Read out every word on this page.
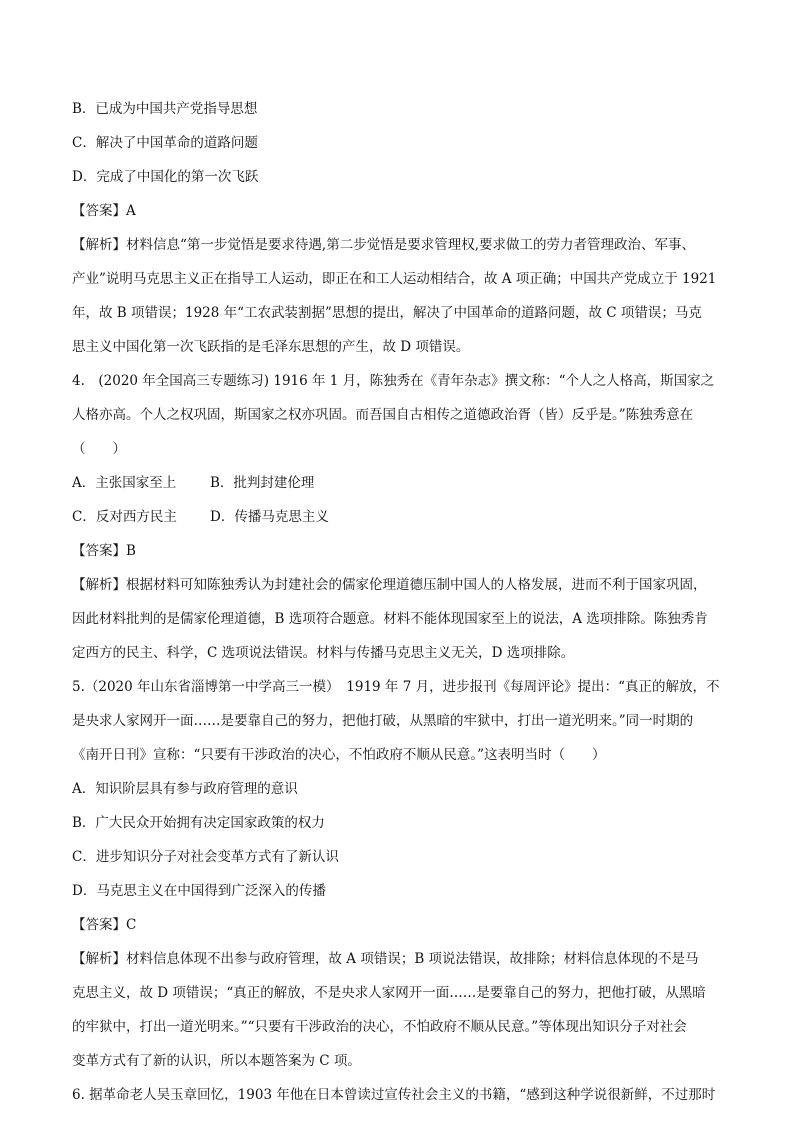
B．已成为中国共产党指导思想
C．解决了中国革命的道路问题
D．完成了中国化的第一次飞跃
【答案】A
【解析】材料信息“第一步觉悟是要求待遇,第二步觉悟是要求管理权,要求做工的劳力者管理政治、军事、
产业”说明马克思主义正在指导工人运动，即正在和工人运动相结合，故 A 项正确；中国共产党成立于 1921
年，故 B 项错误；1928 年“工农武装割据”思想的提出，解决了中国革命的道路问题，故 C 项错误；马克
思主义中国化第一次飞跃指的是毛泽东思想的产生，故 D 项错误。
4.　(2020 年全国高三专题练习) 1916 年 1 月，陈独秀在《青年杂志》撰文称：“个人之人格高，斯国家之
人格亦高。个人之权巩固，斯国家之权亦巩固。而吾国自古相传之道德政治胥（皆）反乎是。”陈独秀意在
（　　）
A．主张国家至上	B．批判封建伦理
C．反对西方民主 D．传播马克思主义
【答案】B
【解析】根据材料可知陈独秀认为封建社会的儒家伦理道德压制中国人的人格发展，进而不利于国家巩固，
因此材料批判的是儒家伦理道德，B 选项符合题意。材料不能体现国家至上的说法，A 选项排除。陈独秀肯
定西方的民主、科学，C 选项说法错误。材料与传播马克思主义无关，D 选项排除。
5.（2020 年山东省淄博第一中学高三一模）　1919 年 7 月，进步报刊《每周评论》提出：“真正的解放，不
是央求人家网开一面……是要靠自己的努力，把他打破，从黑暗的牢狱中，打出一道光明来。”同一时期的
《南开日刊》宣称：“只要有干涉政治的决心，不怕政府不顺从民意。”这表明当时（　　）
A．知识阶层具有参与政府管理的意识
B．广大民众开始拥有决定国家政策的权力
C．进步知识分子对社会变革方式有了新认识
D．马克思主义在中国得到广泛深入的传播
【答案】C
【解析】材料信息体现不出参与政府管理，故 A 项错误；B 项说法错误，故排除；材料信息体现的不是马
克思主义，故 D 项错误；“真正的解放，不是央求人家网开一面……是要靠自己的努力，把他打破，从黑暗
的牢狱中，打出一道光明来。”“只要有干涉政治的决心，不怕政府不顺从民意。”等体现出知识分子对社会
变革方式有了新的认识，所以本题答案为 C 项。
6. 据革命老人吴玉章回忆，1903 年他在日本曾读过宣传社会主义的书籍，“感到这种学说很新鲜，不过那时
